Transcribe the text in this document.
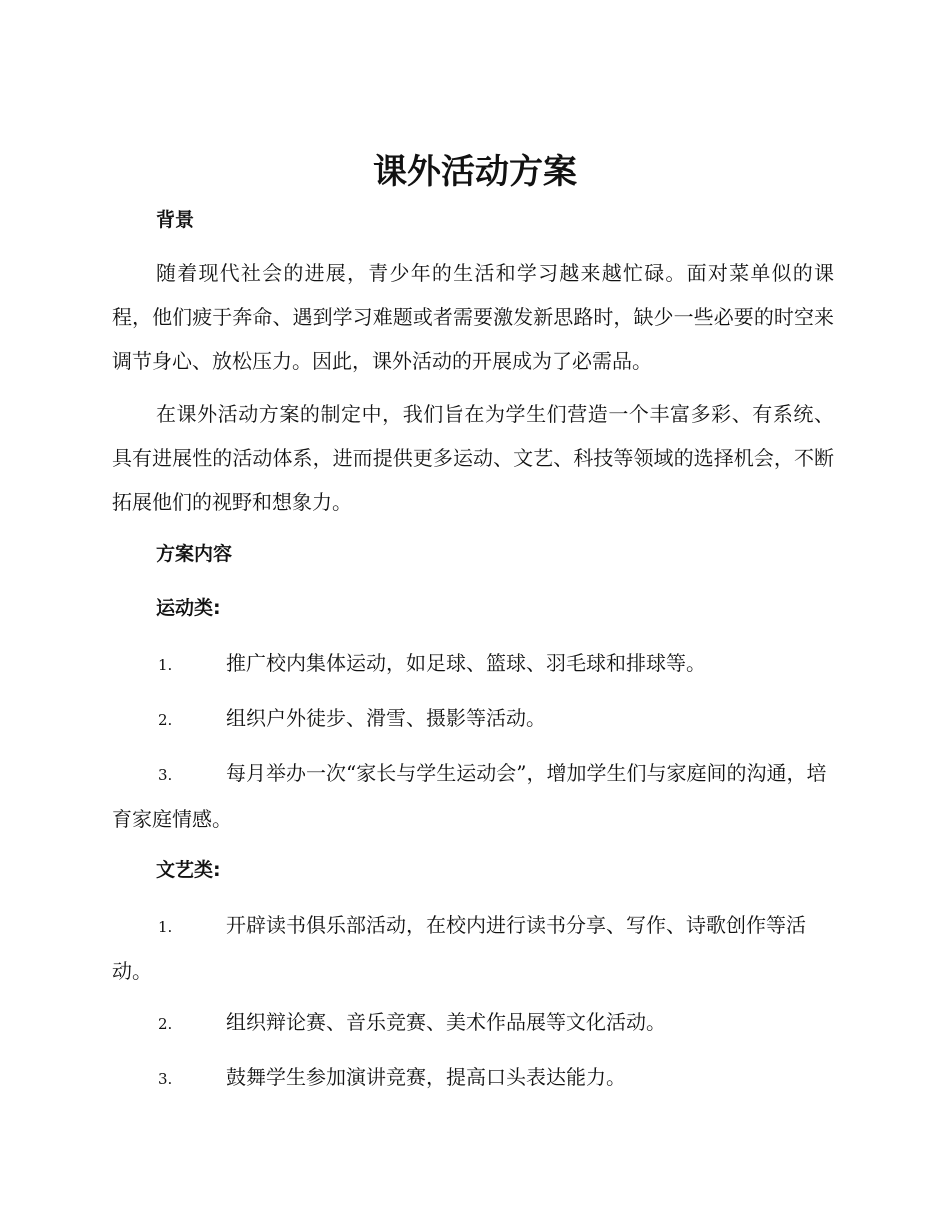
课外活动方案

背景

随着现代社会的进展，青少年的生活和学习越来越忙碌。面对菜单似的课程，他们疲于奔命、遇到学习难题或者需要激发新思路时，缺少一些必要的时空来调节身心、放松压力。因此，课外活动的开展成为了必需品。

在课外活动方案的制定中，我们旨在为学生们营造一个丰富多彩、有系统、具有进展性的活动体系，进而提供更多运动、文艺、科技等领域的选择机会，不断拓展他们的视野和想象力。

方案内容

运动类:

1.	推广校内集体运动，如足球、篮球、羽毛球和排球等。

2.	组织户外徒步、滑雪、摄影等活动。

3.	每月举办一次“家长与学生运动会”，增加学生们与家庭间的沟通，培育家庭情感。

文艺类:

1.	开辟读书俱乐部活动，在校内进行读书分享、写作、诗歌创作等活动。

2.	组织辩论赛、音乐竞赛、美术作品展等文化活动。

3.	鼓舞学生参加演讲竞赛，提高口头表达能力。
